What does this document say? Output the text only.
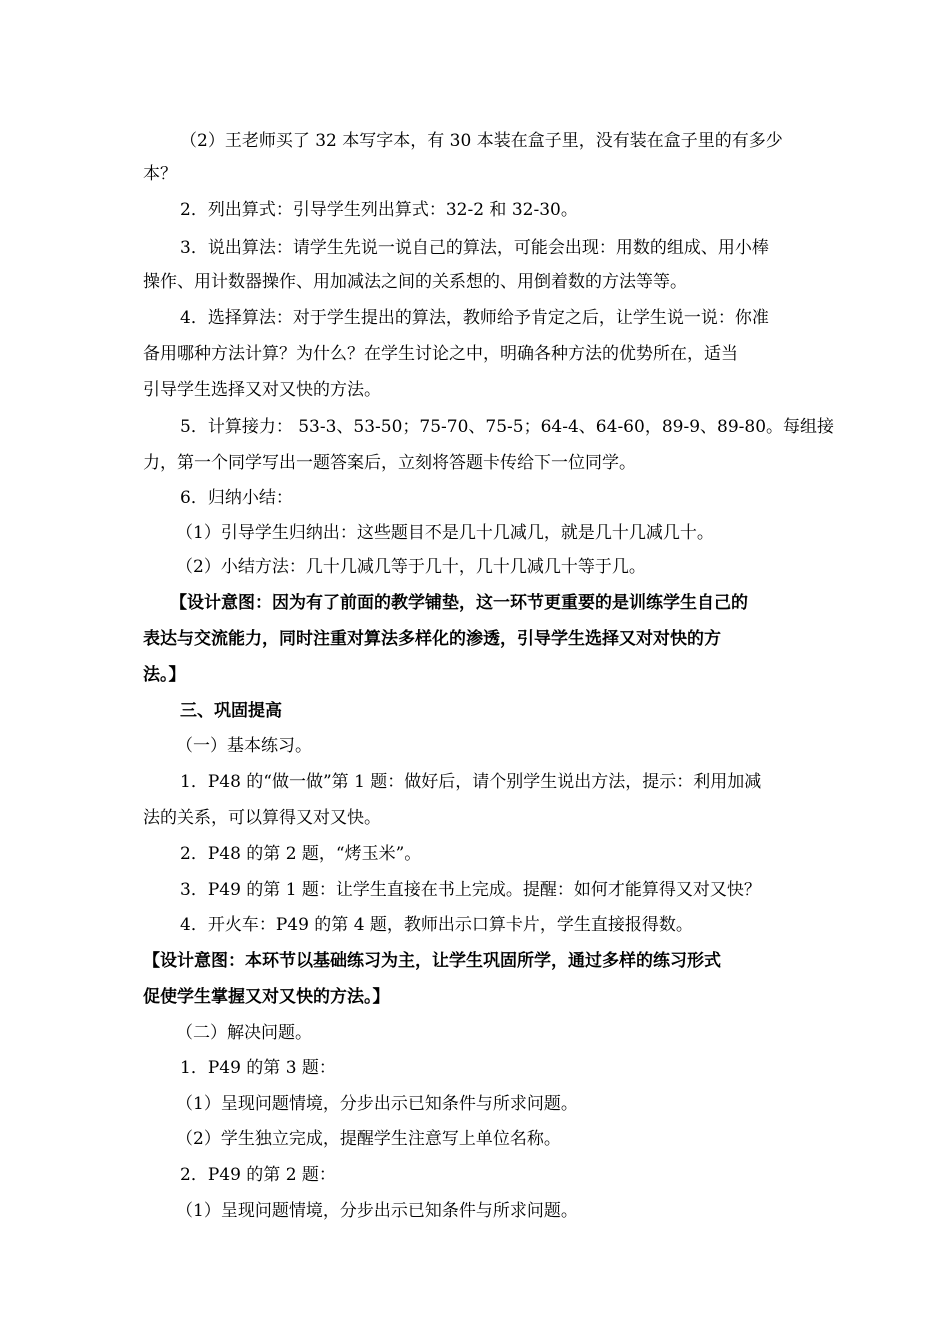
（2）王老师买了 32 本写字本，有 30 本装在盒子里，没有装在盒子里的有多少
本？
2．列出算式：引导学生列出算式：32-2 和 32-30。
3．说出算法：请学生先说一说自己的算法，可能会出现：用数的组成、用小棒
操作、用计数器操作、用加减法之间的关系想的、用倒着数的方法等等。
4．选择算法：对于学生提出的算法，教师给予肯定之后，让学生说一说：你准
备用哪种方法计算？为什么？在学生讨论之中，明确各种方法的优势所在，适当
引导学生选择又对又快的方法。
5．计算接力： 53-3、53-50；75-70、75-5；64-4、64-60，89-9、89-80。每组接
力，第一个同学写出一题答案后，立刻将答题卡传给下一位同学。
6．归纳小结：
（1）引导学生归纳出：这些题目不是几十几减几，就是几十几减几十。
（2）小结方法：几十几减几等于几十，几十几减几十等于几。
【设计意图：因为有了前面的教学铺垫，这一环节更重要的是训练学生自己的
表达与交流能力，同时注重对算法多样化的渗透，引导学生选择又对对快的方
法。】
三、巩固提高
（一）基本练习。
1．P48 的“做一做”第 1 题：做好后，请个别学生说出方法，提示：利用加减
法的关系，可以算得又对又快。
2．P48 的第 2 题，“烤玉米”。
3．P49 的第 1 题：让学生直接在书上完成。提醒：如何才能算得又对又快？
4．开火车：P49 的第 4 题，教师出示口算卡片，学生直接报得数。
【设计意图：本环节以基础练习为主，让学生巩固所学，通过多样的练习形式
促使学生掌握又对又快的方法。】
（二）解决问题。
1．P49 的第 3 题：
（1）呈现问题情境，分步出示已知条件与所求问题。
（2）学生独立完成，提醒学生注意写上单位名称。
2．P49 的第 2 题：
（1）呈现问题情境，分步出示已知条件与所求问题。
